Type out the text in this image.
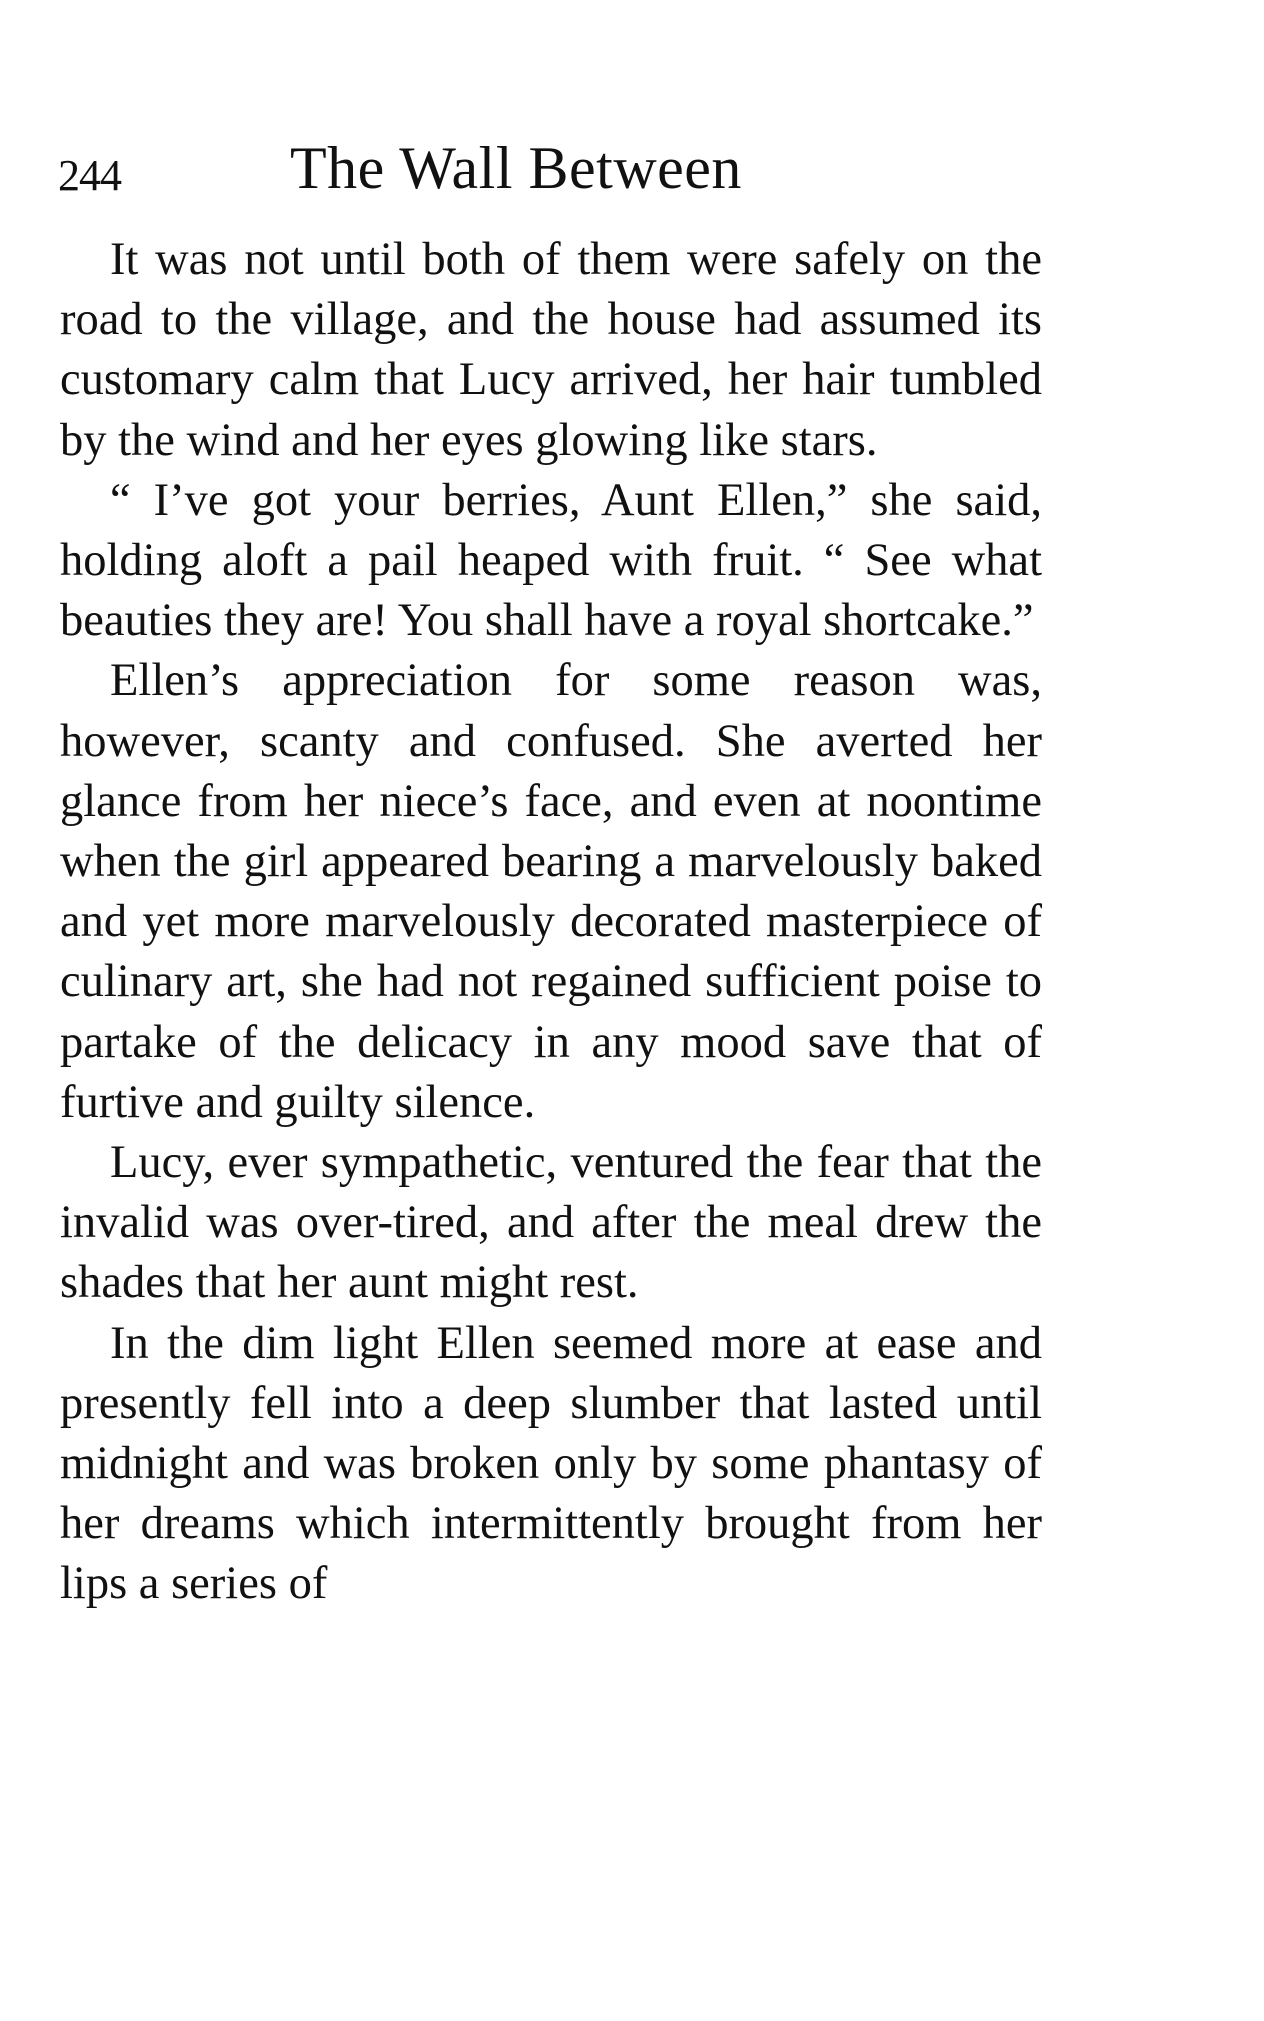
244	The Wall Between

It was not until both of them were safely on the road to the village, and the house had assumed its customary calm that Lucy arrived, her hair tumbled by the wind and her eyes glowing like stars.

“ I’ve got your berries, Aunt Ellen,” she said, holding aloft a pail heaped with fruit. “ See what beauties they are! You shall have a royal shortcake.”

Ellen’s appreciation for some reason was, however, scanty and confused. She averted her glance from her niece’s face, and even at noontime when the girl appeared bearing a marvelously baked and yet more marvelously decorated masterpiece of culinary art, she had not regained sufficient poise to partake of the delicacy in any mood save that of furtive and guilty silence.

Lucy, ever sympathetic, ventured the fear that the invalid was over-tired, and after the meal drew the shades that her aunt might rest.

In the dim light Ellen seemed more at ease and presently fell into a deep slumber that lasted until midnight and was broken only by some phantasy of her dreams which intermittently brought from her lips a series of
